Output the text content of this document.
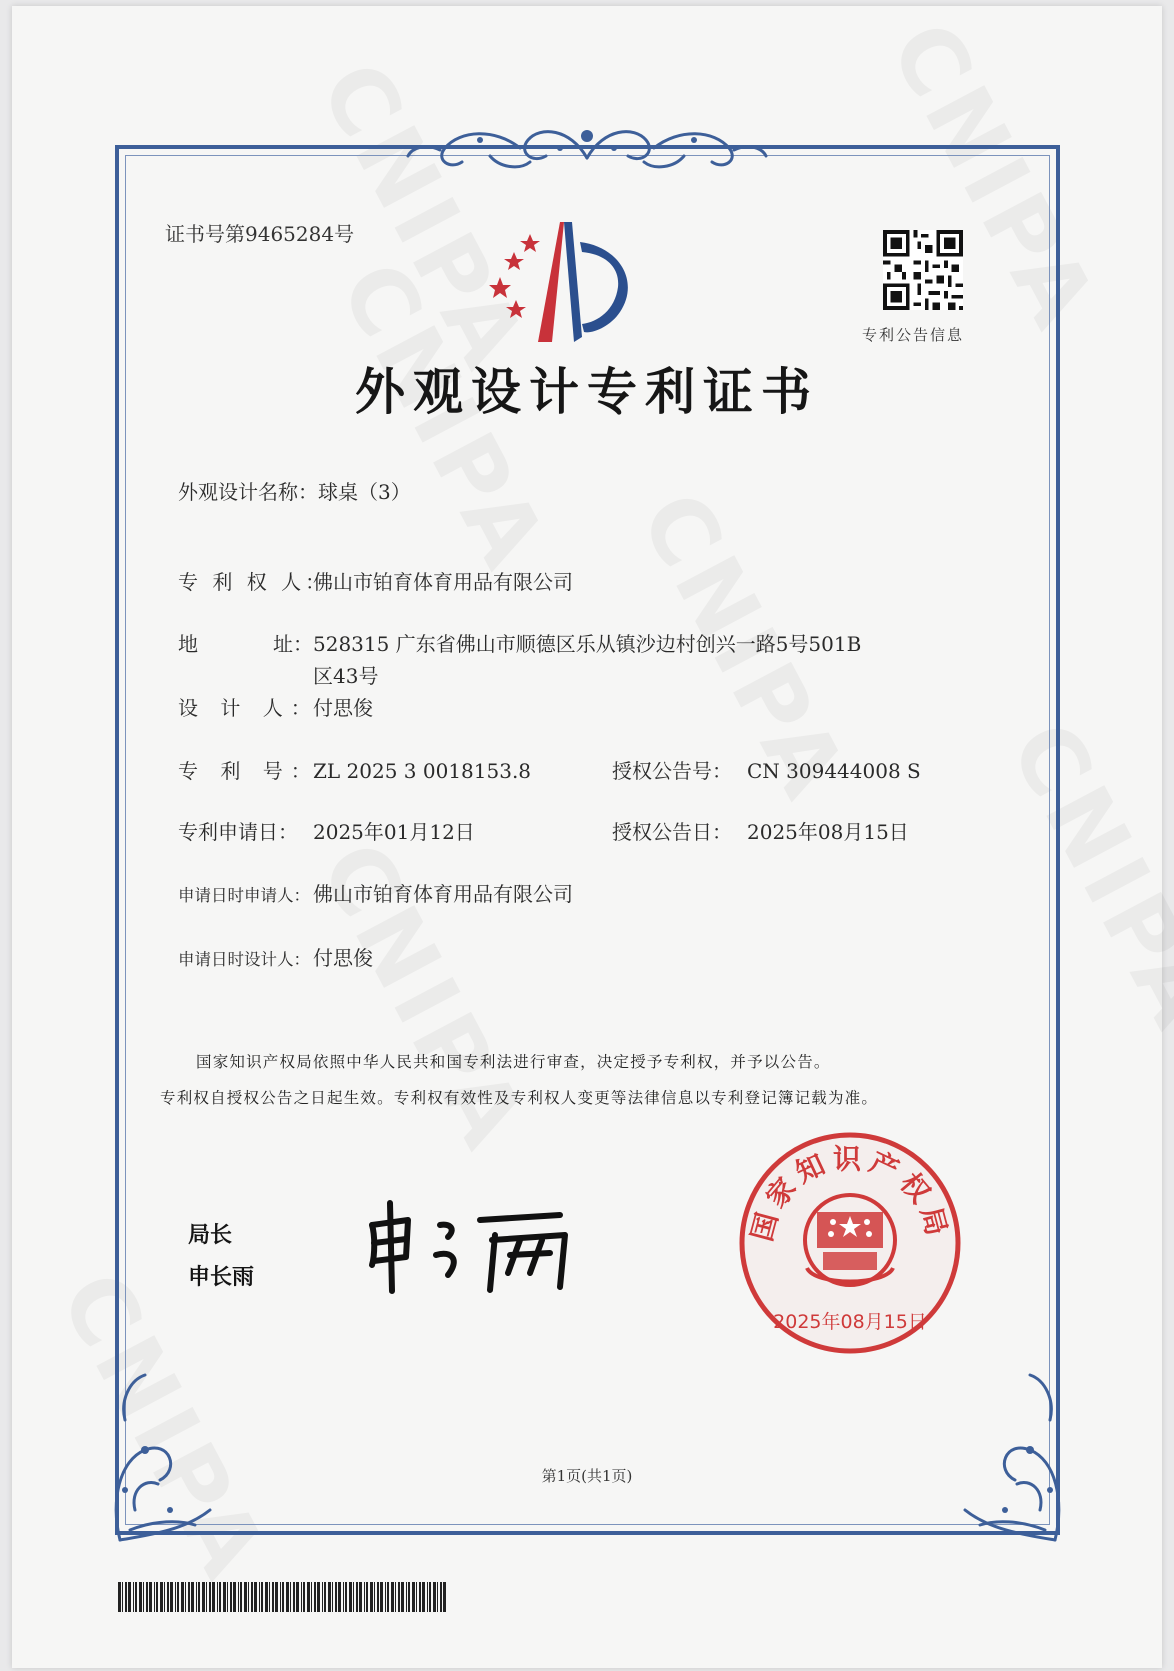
证书号第9465284号
专利公告信息
外观设计专利证书
外观设计名称：球桌（3）
专 利 权 人：佛山市铂育体育用品有限公司
地	址：528315 广东省佛山市顺德区乐从镇沙边村创兴一路5号501B
区43号
设 计 人：付思俊
专 利 号：ZL 2025 3 0018153.8	授权公告号： CN 309444008 S
专利申请日： 2025年01月12日	授权公告日： 2025年08月15日
申请日时申请人： 佛山市铂育体育用品有限公司
申请日时设计人： 付思俊
国家知识产权局依照中华人民共和国专利法进行审查，决定授予专利权，并予以公告。
专利权自授权公告之日起生效。专利权有效性及专利权人变更等法律信息以专利登记簿记载为准。
局长
申长雨
国家知识产权局
2025年08月15日
第1页(共1页)
